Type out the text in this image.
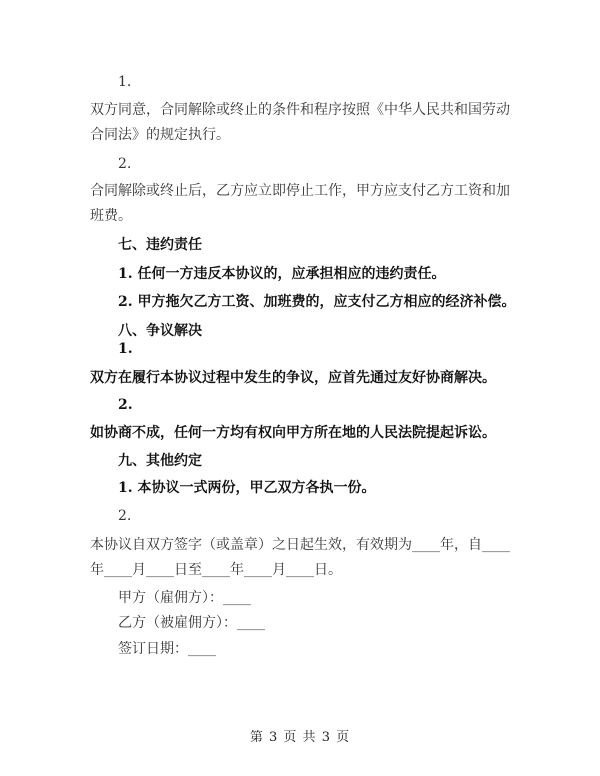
1.
双方同意，合同解除或终止的条件和程序按照《中华人民共和国劳动
合同法》的规定执行。
2.
合同解除或终止后，乙方应立即停止工作，甲方应支付乙方工资和加
班费。
七、违约责任
1. 任何一方违反本协议的，应承担相应的违约责任。
2. 甲方拖欠乙方工资、加班费的，应支付乙方相应的经济补偿。
八、争议解决
1.
双方在履行本协议过程中发生的争议，应首先通过友好协商解决。
2.
如协商不成，任何一方均有权向甲方所在地的人民法院提起诉讼。
九、其他约定
1. 本协议一式两份，甲乙双方各执一份。
2.
本协议自双方签字（或盖章）之日起生效，有效期为____年，自____
年____月____日至____年____月____日。
甲方（雇佣方）：____
乙方（被雇佣方）：____
签订日期：____
第 3 页 共 3 页
